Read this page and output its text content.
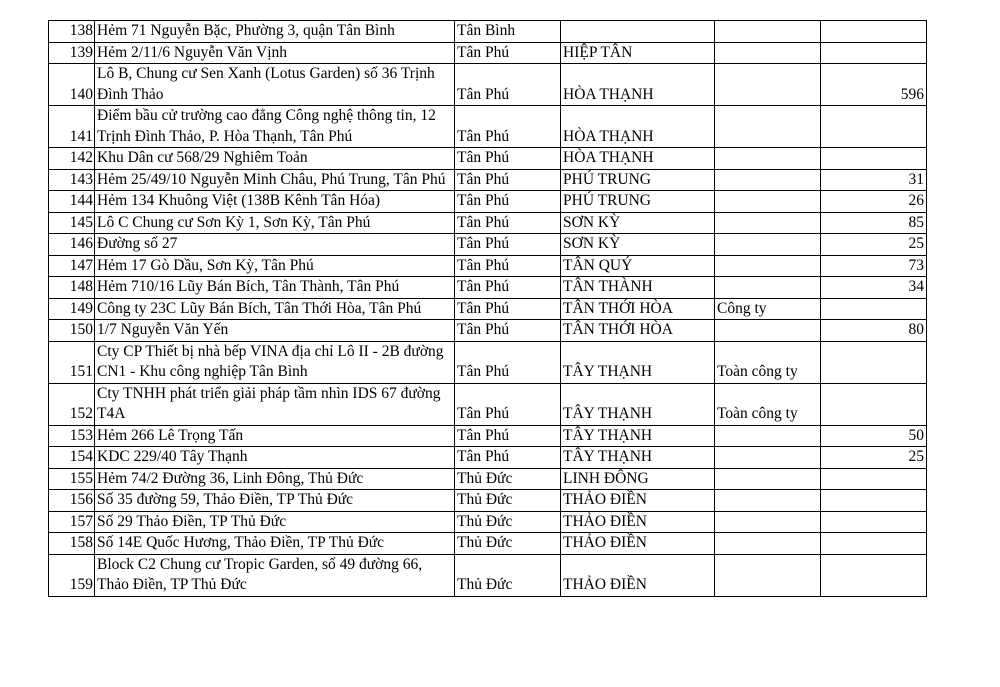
138	Hẻm 71 Nguyễn Bặc, Phường 3, quận Tân Bình	Tân Bình			
139	Hẻm 2/11/6 Nguyễn Văn Vịnh	Tân Phú	HIỆP TÂN		
140	Lô B, Chung cư Sen Xanh (Lotus Garden) số 36 Trịnh Đình Thảo	Tân Phú	HÒA THẠNH		596
141	Điểm bầu cử trường cao đẳng Công nghệ thông tin, 12 Trịnh Đình Thảo, P. Hòa Thạnh, Tân Phú	Tân Phú	HÒA THẠNH		
142	Khu Dân cư 568/29 Nghiêm Toản	Tân Phú	HÒA THẠNH		
143	Hẻm 25/49/10 Nguyễn Minh Châu, Phú Trung, Tân Phú	Tân Phú	PHÚ TRUNG		31
144	Hẻm 134 Khuông Việt (138B Kênh Tân Hóa)	Tân Phú	PHÚ TRUNG		26
145	Lô C Chung cư Sơn Kỳ 1, Sơn Kỳ, Tân Phú	Tân Phú	SƠN KỲ		85
146	Đường số 27	Tân Phú	SƠN KỲ		25
147	Hẻm 17 Gò Dầu, Sơn Kỳ, Tân Phú	Tân Phú	TÂN QUÝ		73
148	Hẻm 710/16 Lũy Bán Bích, Tân Thành, Tân Phú	Tân Phú	TÂN THÀNH		34
149	Công ty 23C Lũy Bán Bích, Tân Thới Hòa, Tân Phú	Tân Phú	TÂN THỚI HÒA	Công ty	
150	1/7 Nguyễn Văn Yến	Tân Phú	TÂN THỚI HÒA		80
151	Cty CP Thiết bị nhà bếp VINA địa chỉ Lô II - 2B đường CN1 - Khu công nghiệp Tân Bình	Tân Phú	TÂY THẠNH	Toàn công ty	
152	Cty TNHH phát triển giải pháp tầm nhìn IDS 67 đường T4A	Tân Phú	TÂY THẠNH	Toàn công ty	
153	Hẻm 266 Lê Trọng Tấn	Tân Phú	TÂY THẠNH		50
154	KDC 229/40 Tây Thạnh	Tân Phú	TÂY THẠNH		25
155	Hẻm 74/2 Đường 36, Linh Đông, Thủ Đức	Thủ Đức	LINH ĐÔNG		
156	Số 35 đường 59, Thảo Điền, TP Thủ Đức	Thủ Đức	THẢO ĐIỀN		
157	Số 29 Thảo Điền, TP Thủ Đức	Thủ Đức	THẢO ĐIỀN		
158	Số 14E Quốc Hương, Thảo Điền, TP Thủ Đức	Thủ Đức	THẢO ĐIỀN		
159	Block C2 Chung cư Tropic Garden, số 49 đường 66, Thảo Điền, TP Thủ Đức	Thủ Đức	THẢO ĐIỀN		
